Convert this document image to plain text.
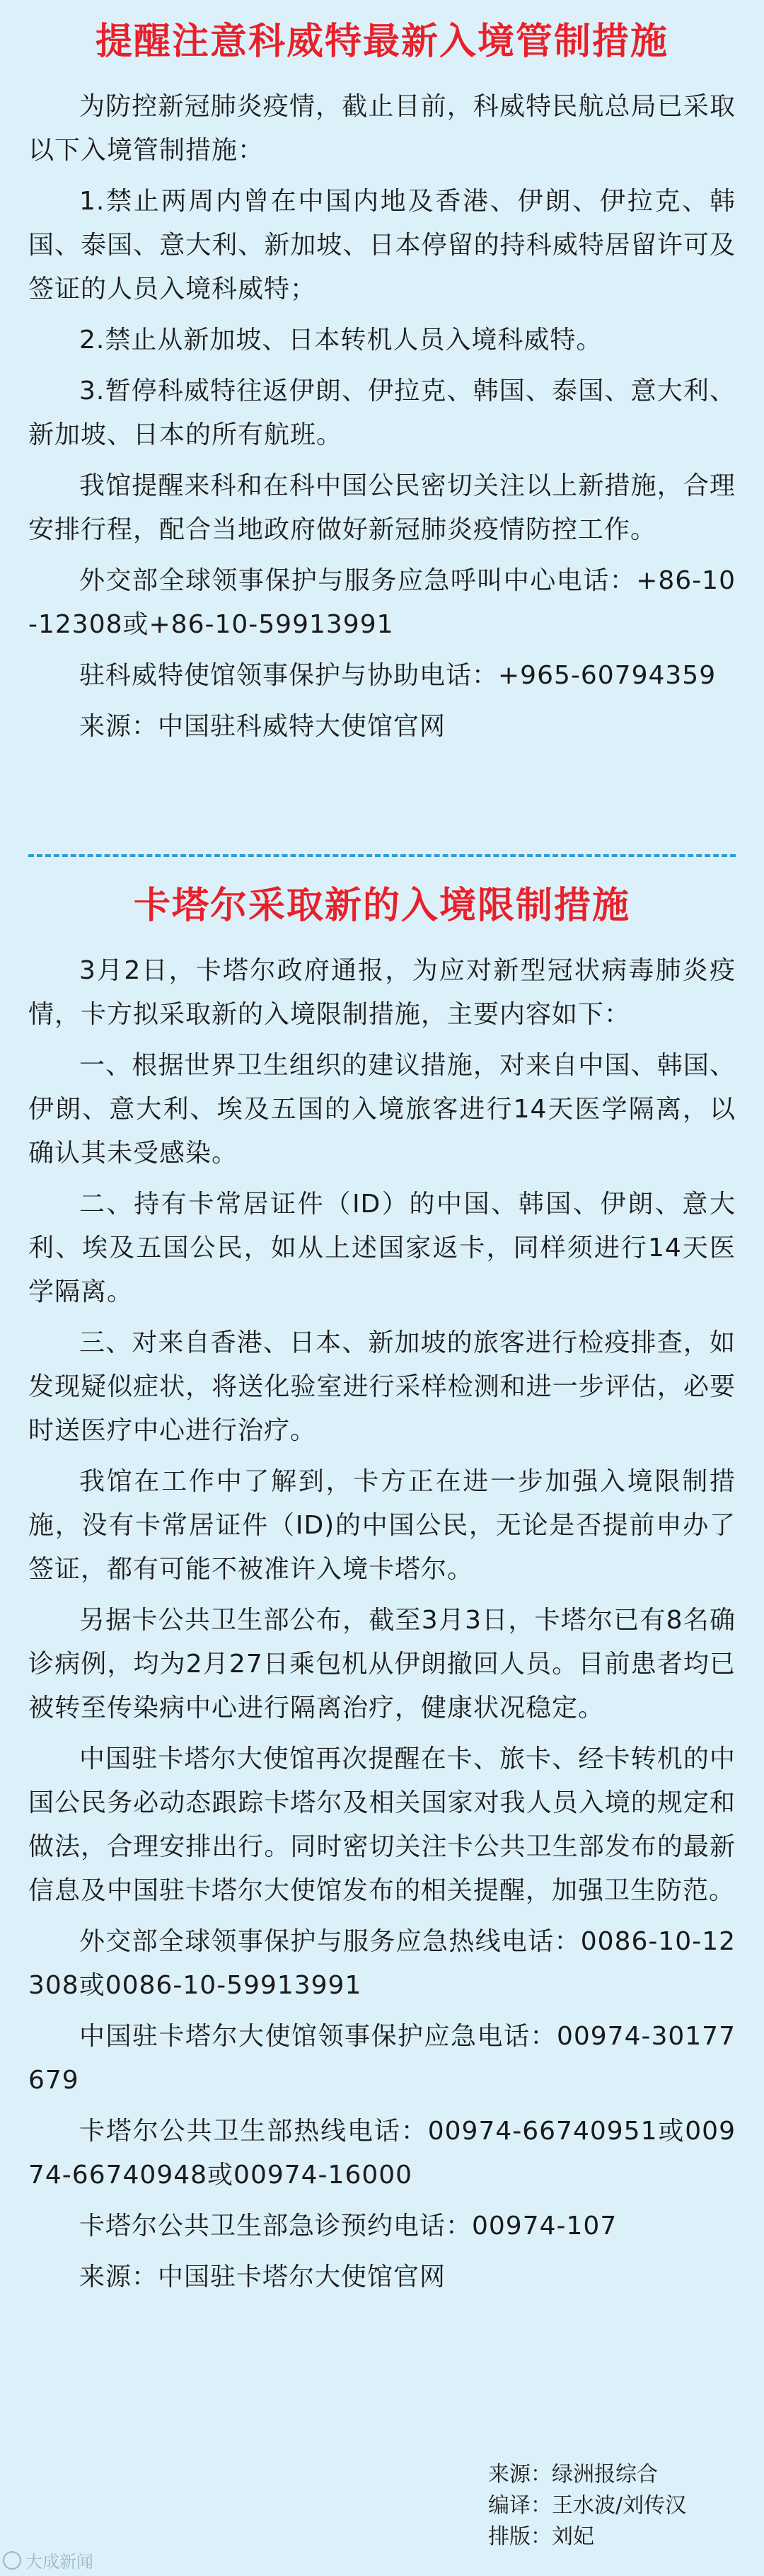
提醒注意科威特最新入境管制措施

为防控新冠肺炎疫情，截止目前，科威特民航总局已采取以下入境管制措施：

1.禁止两周内曾在中国内地及香港、伊朗、伊拉克、韩国、泰国、意大利、新加坡、日本停留的持科威特居留许可及签证的人员入境科威特；

2.禁止从新加坡、日本转机人员入境科威特。

3.暂停科威特往返伊朗、伊拉克、韩国、泰国、意大利、新加坡、日本的所有航班。

我馆提醒来科和在科中国公民密切关注以上新措施，合理安排行程，配合当地政府做好新冠肺炎疫情防控工作。

外交部全球领事保护与服务应急呼叫中心电话：+86-10-12308或+86-10-59913991

驻科威特使馆领事保护与协助电话：+965-60794359

来源：中国驻科威特大使馆官网

卡塔尔采取新的入境限制措施

3月2日，卡塔尔政府通报，为应对新型冠状病毒肺炎疫情，卡方拟采取新的入境限制措施，主要内容如下：

一、根据世界卫生组织的建议措施，对来自中国、韩国、伊朗、意大利、埃及五国的入境旅客进行14天医学隔离，以确认其未受感染。

二、持有卡常居证件（ID）的中国、韩国、伊朗、意大利、埃及五国公民，如从上述国家返卡，同样须进行14天医学隔离。

三、对来自香港、日本、新加坡的旅客进行检疫排查，如发现疑似症状，将送化验室进行采样检测和进一步评估，必要时送医疗中心进行治疗。

我馆在工作中了解到，卡方正在进一步加强入境限制措施，没有卡常居证件（ID)的中国公民，无论是否提前申办了签证，都有可能不被准许入境卡塔尔。

另据卡公共卫生部公布，截至3月3日，卡塔尔已有8名确诊病例，均为2月27日乘包机从伊朗撤回人员。目前患者均已被转至传染病中心进行隔离治疗，健康状况稳定。

中国驻卡塔尔大使馆再次提醒在卡、旅卡、经卡转机的中国公民务必动态跟踪卡塔尔及相关国家对我人员入境的规定和做法，合理安排出行。同时密切关注卡公共卫生部发布的最新信息及中国驻卡塔尔大使馆发布的相关提醒，加强卫生防范。

外交部全球领事保护与服务应急热线电话：0086-10-12308或0086-10-59913991

中国驻卡塔尔大使馆领事保护应急电话：00974-30177679

卡塔尔公共卫生部热线电话：00974-66740951或00974-66740948或00974-16000

卡塔尔公共卫生部急诊预约电话：00974-107

来源：中国驻卡塔尔大使馆官网

来源：绿洲报综合
编译：王水波/刘传汉
排版：刘妃
大成新闻
